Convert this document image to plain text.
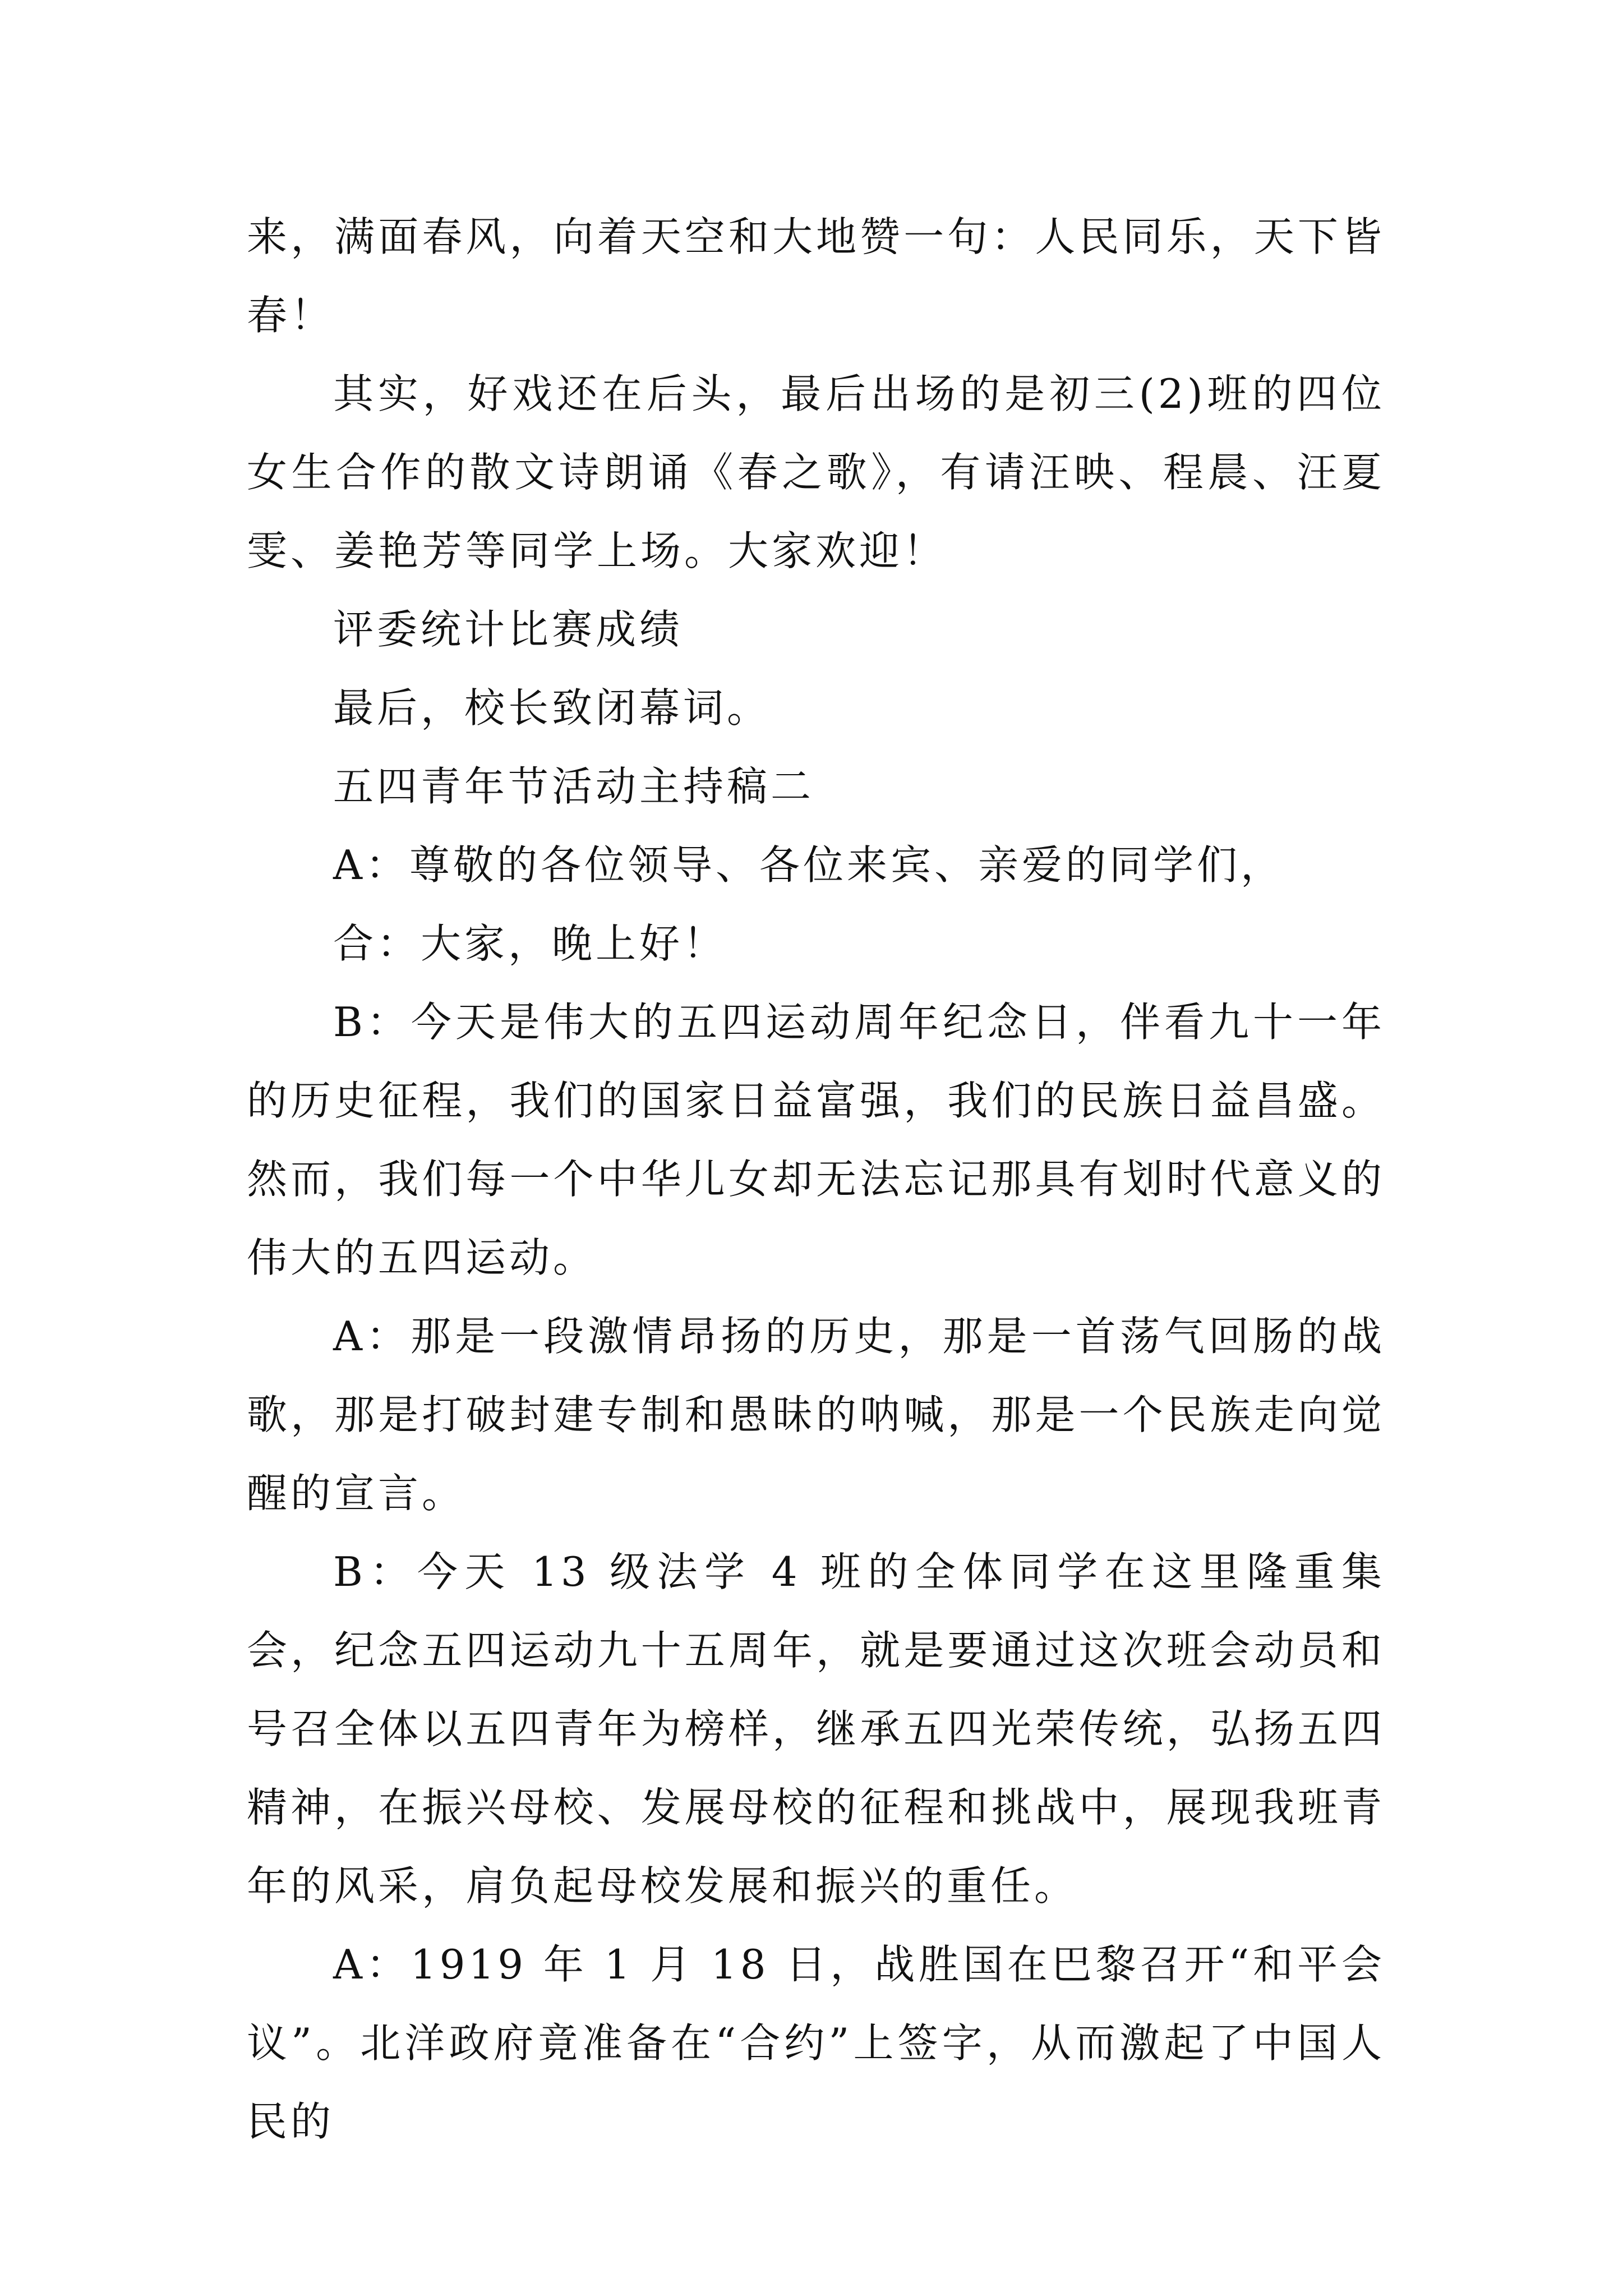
来，满面春风，向着天空和大地赞一句：人民同乐，天下皆春！

其实，好戏还在后头，最后出场的是初三(2)班的四位女生合作的散文诗朗诵《春之歌》，有请汪映、程晨、汪夏雯、姜艳芳等同学上场。大家欢迎！

评委统计比赛成绩

最后，校长致闭幕词。

五四青年节活动主持稿二

A：尊敬的各位领导、各位来宾、亲爱的同学们，

合：大家，晚上好！

B：今天是伟大的五四运动周年纪念日，伴看九十一年的历史征程，我们的国家日益富强，我们的民族日益昌盛。然而，我们每一个中华儿女却无法忘记那具有划时代意义的伟大的五四运动。

A：那是一段激情昂扬的历史，那是一首荡气回肠的战歌，那是打破封建专制和愚昧的呐喊，那是一个民族走向觉醒的宣言。

B：今天 13 级法学 4 班的全体同学在这里隆重集会，纪念五四运动九十五周年，就是要通过这次班会动员和号召全体以五四青年为榜样，继承五四光荣传统，弘扬五四精神，在振兴母校、发展母校的征程和挑战中，展现我班青年的风采，肩负起母校发展和振兴的重任。

A：1919 年 1 月 18 日，战胜国在巴黎召开“和平会议”。北洋政府竟准备在“合约”上签字，从而激起了中国人民的
